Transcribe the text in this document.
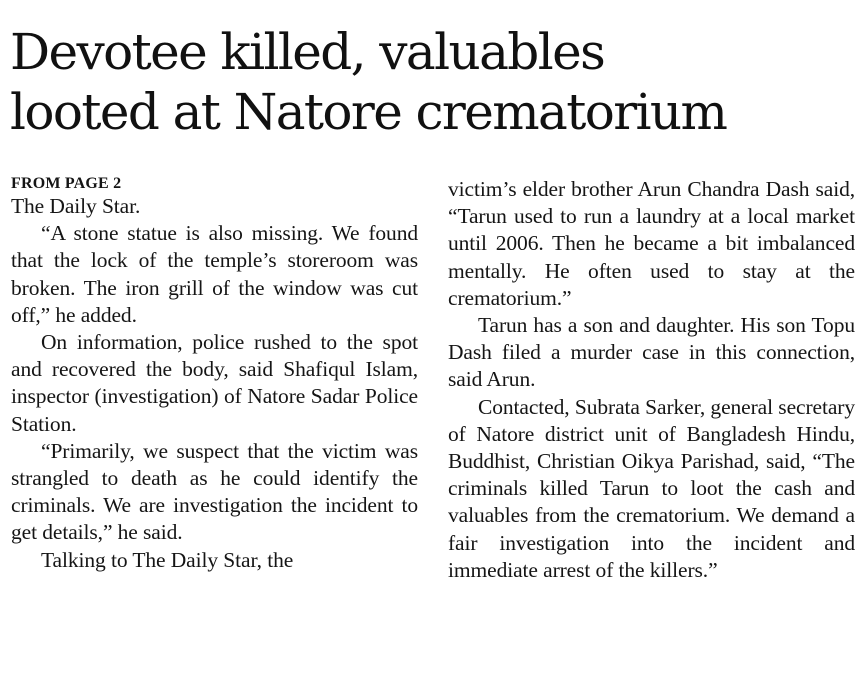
Devotee killed, valuables
looted at Natore crematorium
FROM PAGE 2

The Daily Star.

“A stone statue is also missing. We found that the lock of the temple’s storeroom was broken. The iron grill of the window was cut off,” he added.

On information, police rushed to the spot and recovered the body, said Shafiqul Islam, inspector (investigation) of Natore Sadar Police Station.

“Primarily, we suspect that the victim was strangled to death as he could identify the criminals. We are investigation the incident to get details,” he said.

Talking to The Daily Star, the

victim’s elder brother Arun Chandra Dash said, “Tarun used to run a laundry at a local market until 2006. Then he became a bit imbalanced mentally. He often used to stay at the crematorium.”

Tarun has a son and daughter. His son Topu Dash filed a murder case in this connection, said Arun.

Contacted, Subrata Sarker, general secretary of Natore district unit of Bangladesh Hindu, Buddhist, Christian Oikya Parishad, said, “The criminals killed Tarun to loot the cash and valuables from the crematorium. We demand a fair investigation into the incident and immediate arrest of the killers.”
